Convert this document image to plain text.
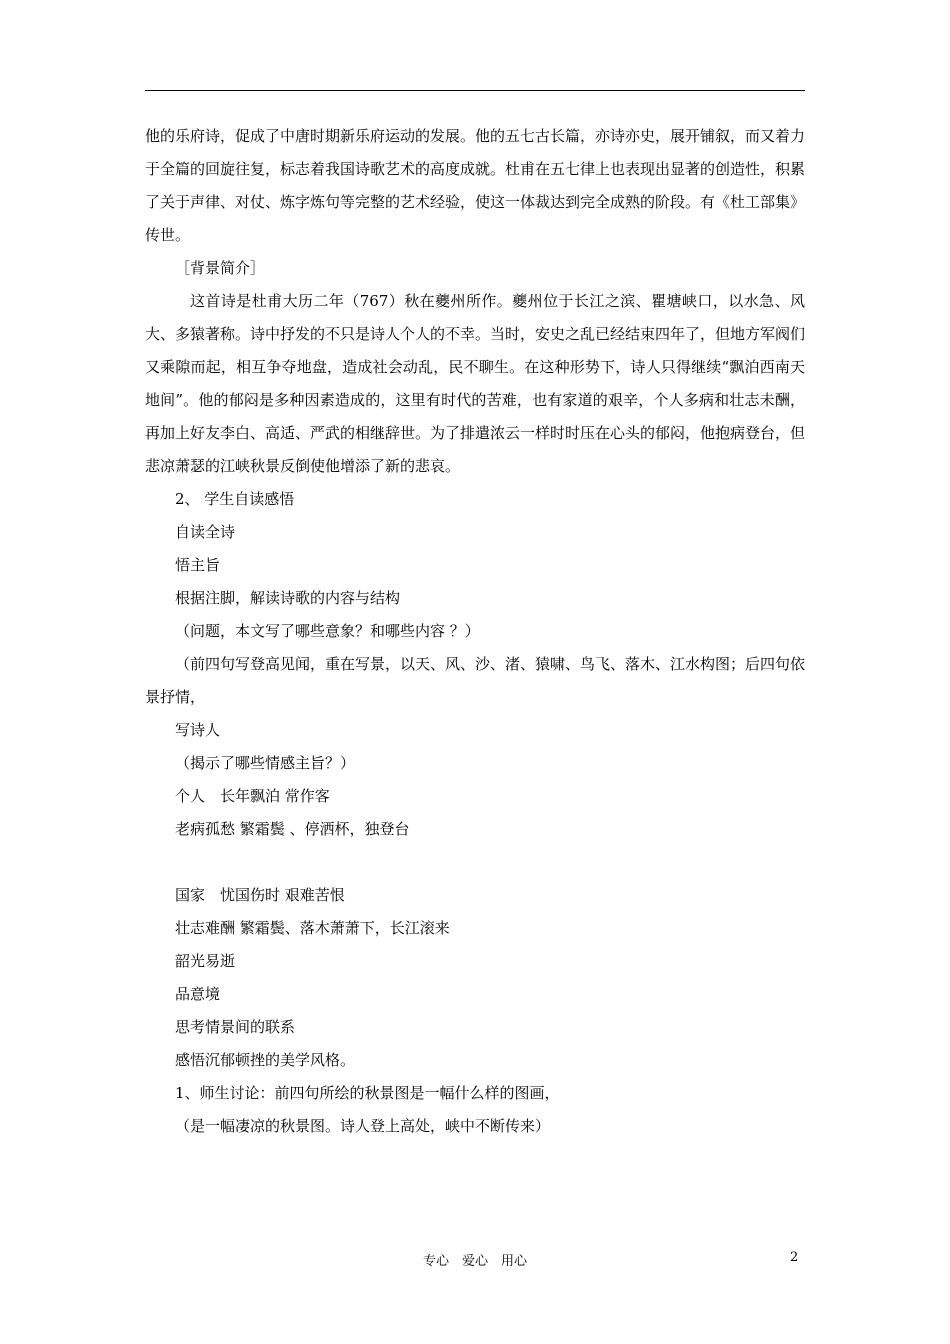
他的乐府诗，促成了中唐时期新乐府运动的发展。他的五七古长篇，亦诗亦史，展开铺叙，而又着力于全篇的回旋往复，标志着我国诗歌艺术的高度成就。杜甫在五七律上也表现出显著的创造性，积累了关于声律、对仗、炼字炼句等完整的艺术经验，使这一体裁达到完全成熟的阶段。有《杜工部集》传世。

［背景简介］

这首诗是杜甫大历二年（767）秋在夔州所作。夔州位于长江之滨、瞿塘峡口，以水急、风大、多猿著称。诗中抒发的不只是诗人个人的不幸。当时，安史之乱已经结束四年了，但地方军阀们又乘隙而起，相互争夺地盘，造成社会动乱，民不聊生。在这种形势下，诗人只得继续“飘泊西南天地间”。他的郁闷是多种因素造成的，这里有时代的苦难，也有家道的艰辛，个人多病和壮志未酬，再加上好友李白、高适、严武的相继辞世。为了排遣浓云一样时时压在心头的郁闷，他抱病登台，但悲凉萧瑟的江峡秋景反倒使他增添了新的悲哀。

2、 学生自读感悟

自读全诗

悟主旨

根据注脚，解读诗歌的内容与结构

（问题，本文写了哪些意象？和哪些内容 ？）

（前四句写登高见闻，重在写景，以天、风、沙、渚、猿啸、鸟飞、落木、江水构图；后四句依景抒情，

写诗人

（揭示了哪些情感主旨？）

个人　长年飘泊 常作客

老病孤愁 繁霜鬓 、停洒杯，独登台

国家　忧国伤时 艰难苦恨

壮志难酬 繁霜鬓、落木萧萧下，长江滚来

韶光易逝

品意境

思考情景间的联系

感悟沉郁顿挫的美学风格。

1、师生讨论：前四句所绘的秋景图是一幅什么样的图画，

（是一幅凄凉的秋景图。诗人登上高处，峡中不断传来）

专心　爱心　用心	2
